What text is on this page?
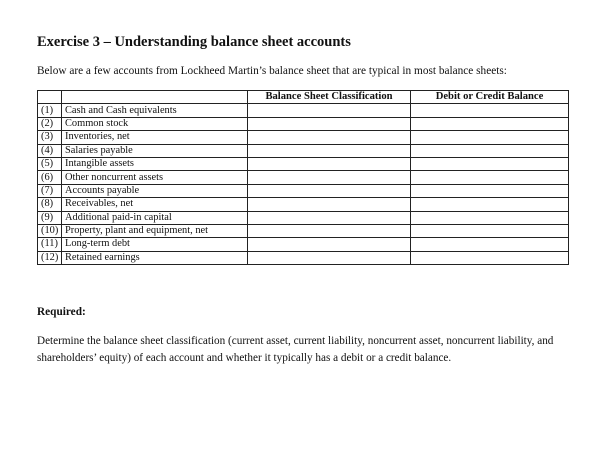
Exercise 3 – Understanding balance sheet accounts
Below are a few accounts from Lockheed Martin’s balance sheet that are typical in most balance sheets:
		Balance Sheet Classification	Debit or Credit Balance
(1)	Cash and Cash equivalents		
(2)	Common stock		
(3)	Inventories, net		
(4)	Salaries payable		
(5)	Intangible assets		
(6)	Other noncurrent assets		
(7)	Accounts payable		
(8)	Receivables, net		
(9)	Additional paid-in capital		
(10)	Property, plant and equipment, net		
(11)	Long-term debt		
(12)	Retained earnings		
Required:
Determine the balance sheet classification (current asset, current liability, noncurrent asset, noncurrent liability, and shareholders’ equity) of each account and whether it typically has a debit or a credit balance.
